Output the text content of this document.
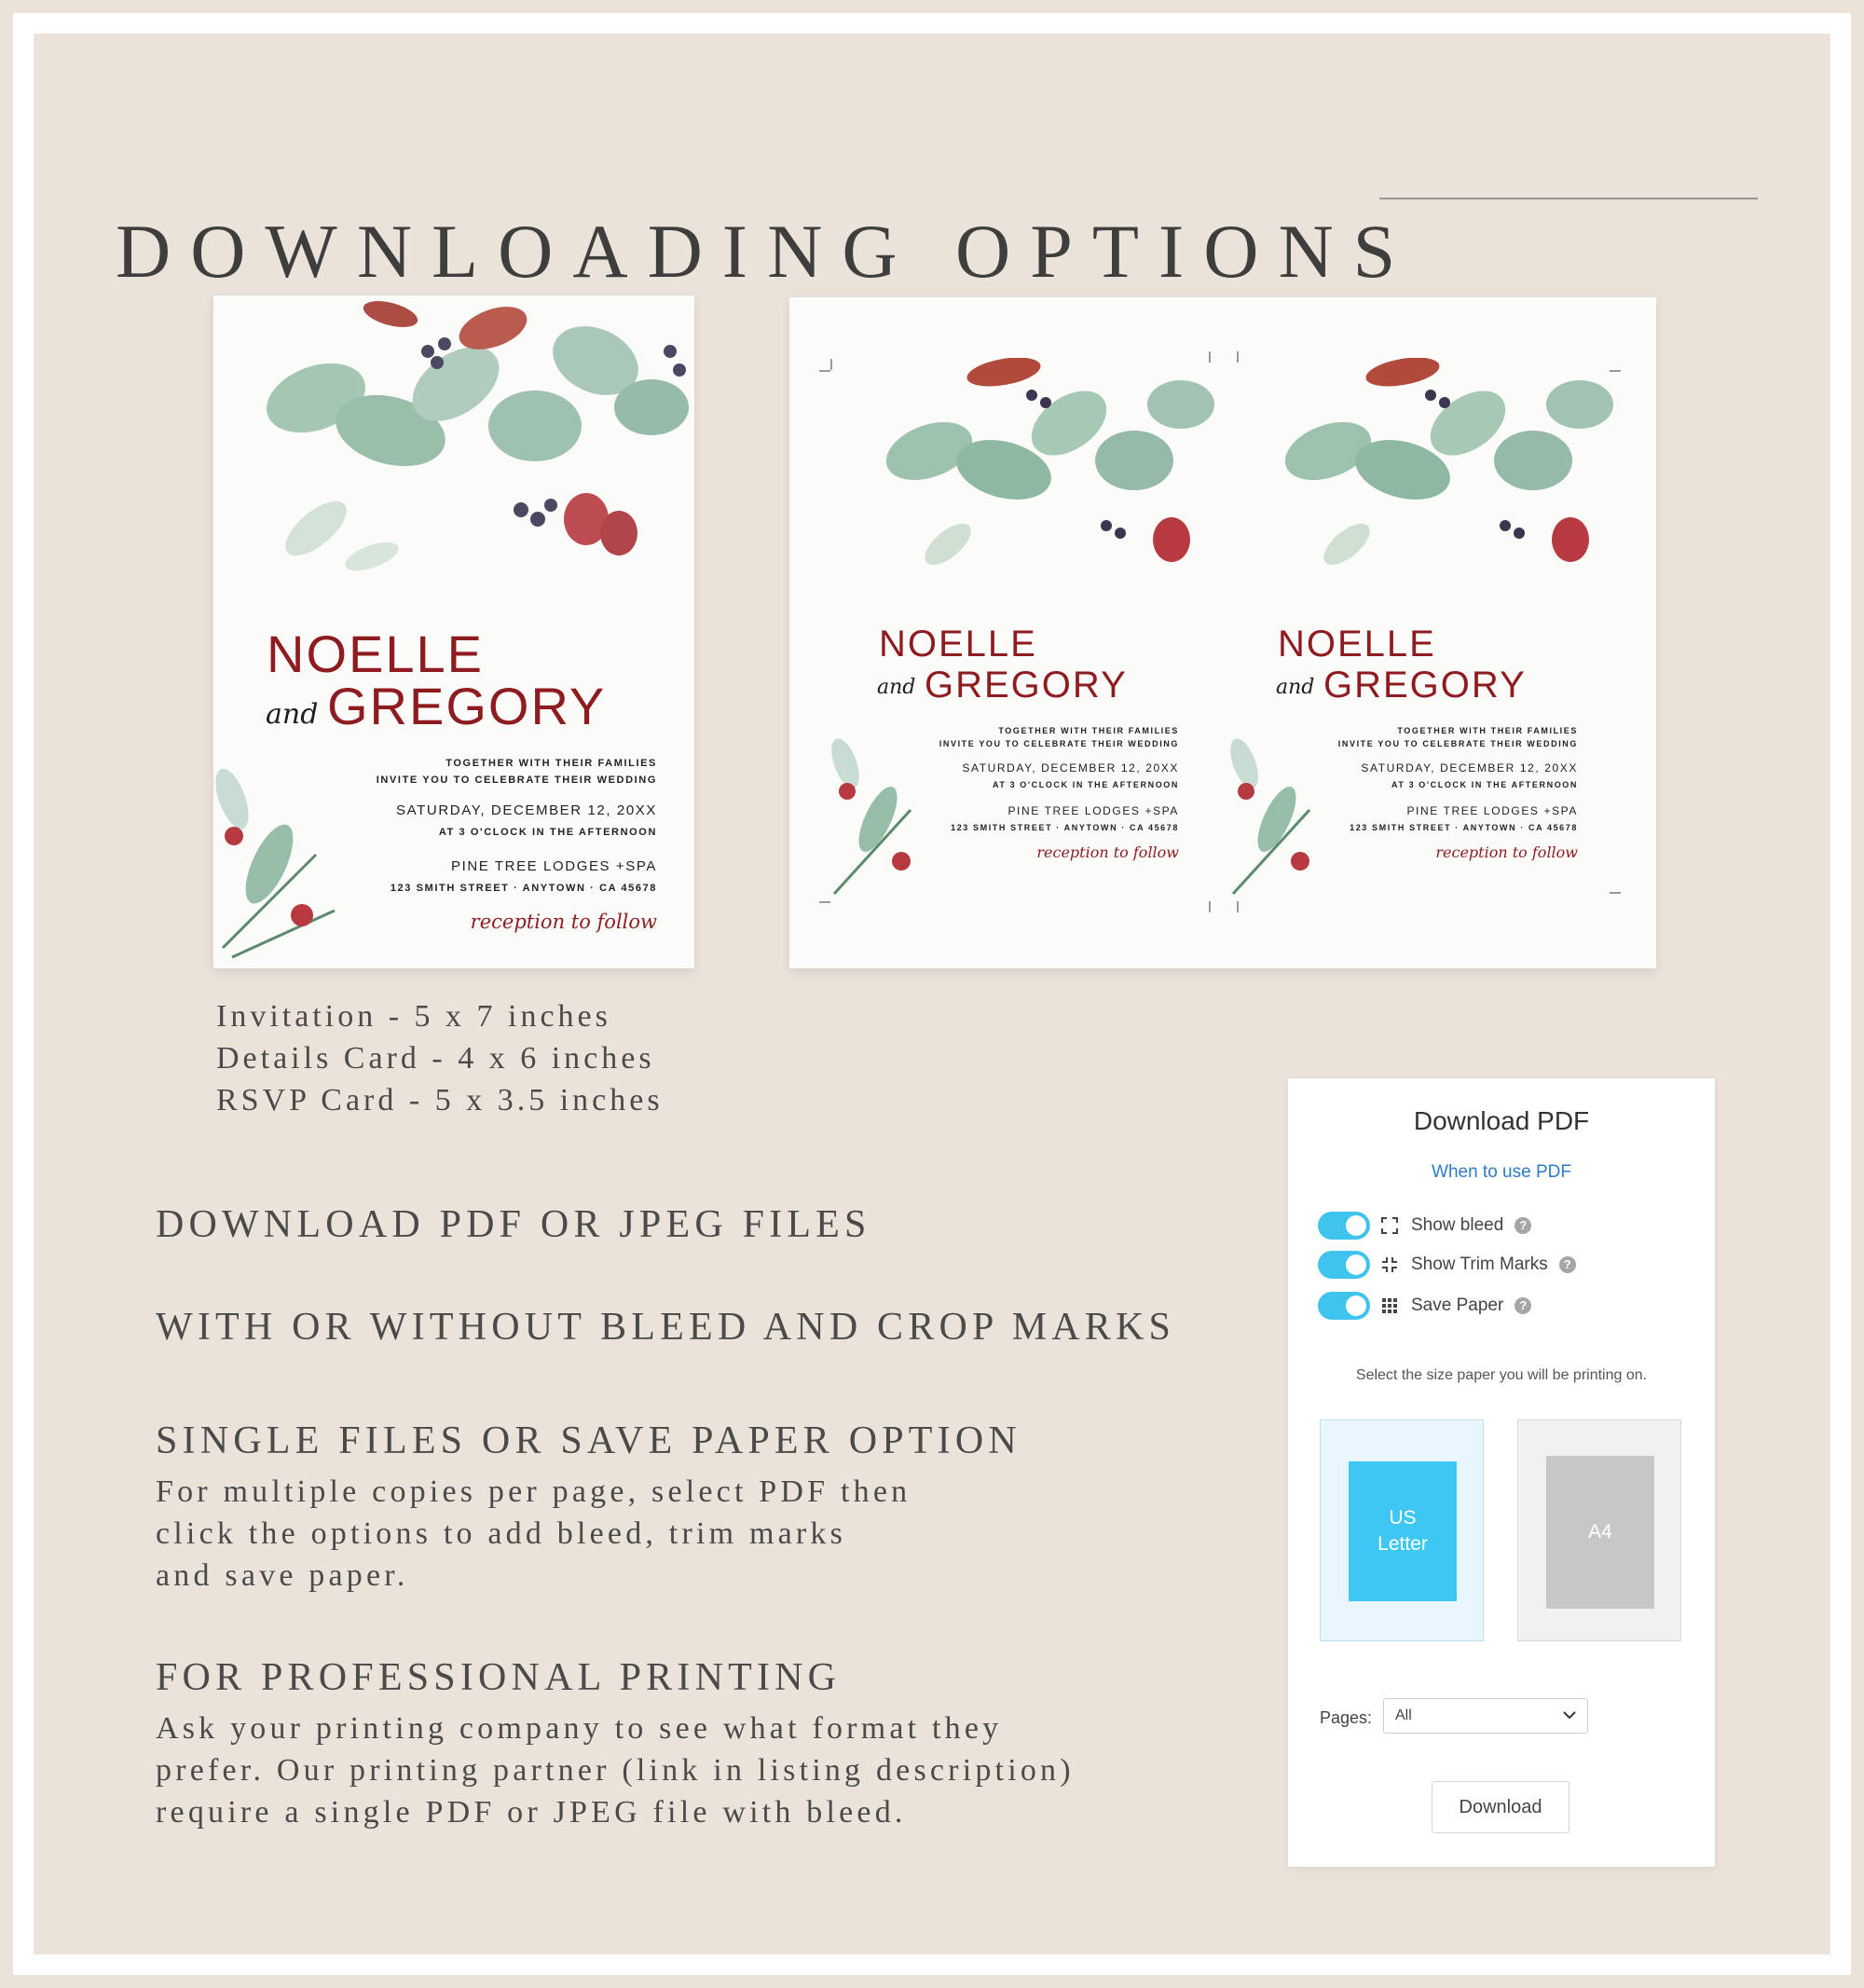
DOWNLOADING OPTIONS
NOELLE
and GREGORY
TOGETHER WITH THEIR FAMILIES
INVITE YOU TO CELEBRATE THEIR WEDDING
SATURDAY, DECEMBER 12, 20XX
AT 3 O'CLOCK IN THE AFTERNOON
PINE TREE LODGES +SPA
123 SMITH STREET · ANYTOWN · CA 45678
reception to follow
NOELLE
and GREGORY
TOGETHER WITH THEIR FAMILIES
INVITE YOU TO CELEBRATE THEIR WEDDING
SATURDAY, DECEMBER 12, 20XX
AT 3 O'CLOCK IN THE AFTERNOON
PINE TREE LODGES +SPA
123 SMITH STREET · ANYTOWN · CA 45678
reception to follow
NOELLE
and GREGORY
TOGETHER WITH THEIR FAMILIES
INVITE YOU TO CELEBRATE THEIR WEDDING
SATURDAY, DECEMBER 12, 20XX
AT 3 O'CLOCK IN THE AFTERNOON
PINE TREE LODGES +SPA
123 SMITH STREET · ANYTOWN · CA 45678
reception to follow
Invitation - 5 x 7 inches
Details Card - 4 x 6 inches
RSVP Card - 5 x 3.5 inches
DOWNLOAD PDF OR JPEG FILES
WITH OR WITHOUT BLEED AND CROP MARKS
SINGLE FILES OR SAVE PAPER OPTION
For multiple copies per page, select PDF then
click the options to add bleed, trim marks
and save paper.
FOR PROFESSIONAL PRINTING
Ask your printing company to see what format they
prefer. Our printing partner (link in listing description)
require a single PDF or JPEG file with bleed.
Download PDF
When to use PDF
Show bleed	?
Show Trim Marks	?
Save Paper	?
Select the size paper you will be printing on.
US
Letter
A4
Pages: All
Download
